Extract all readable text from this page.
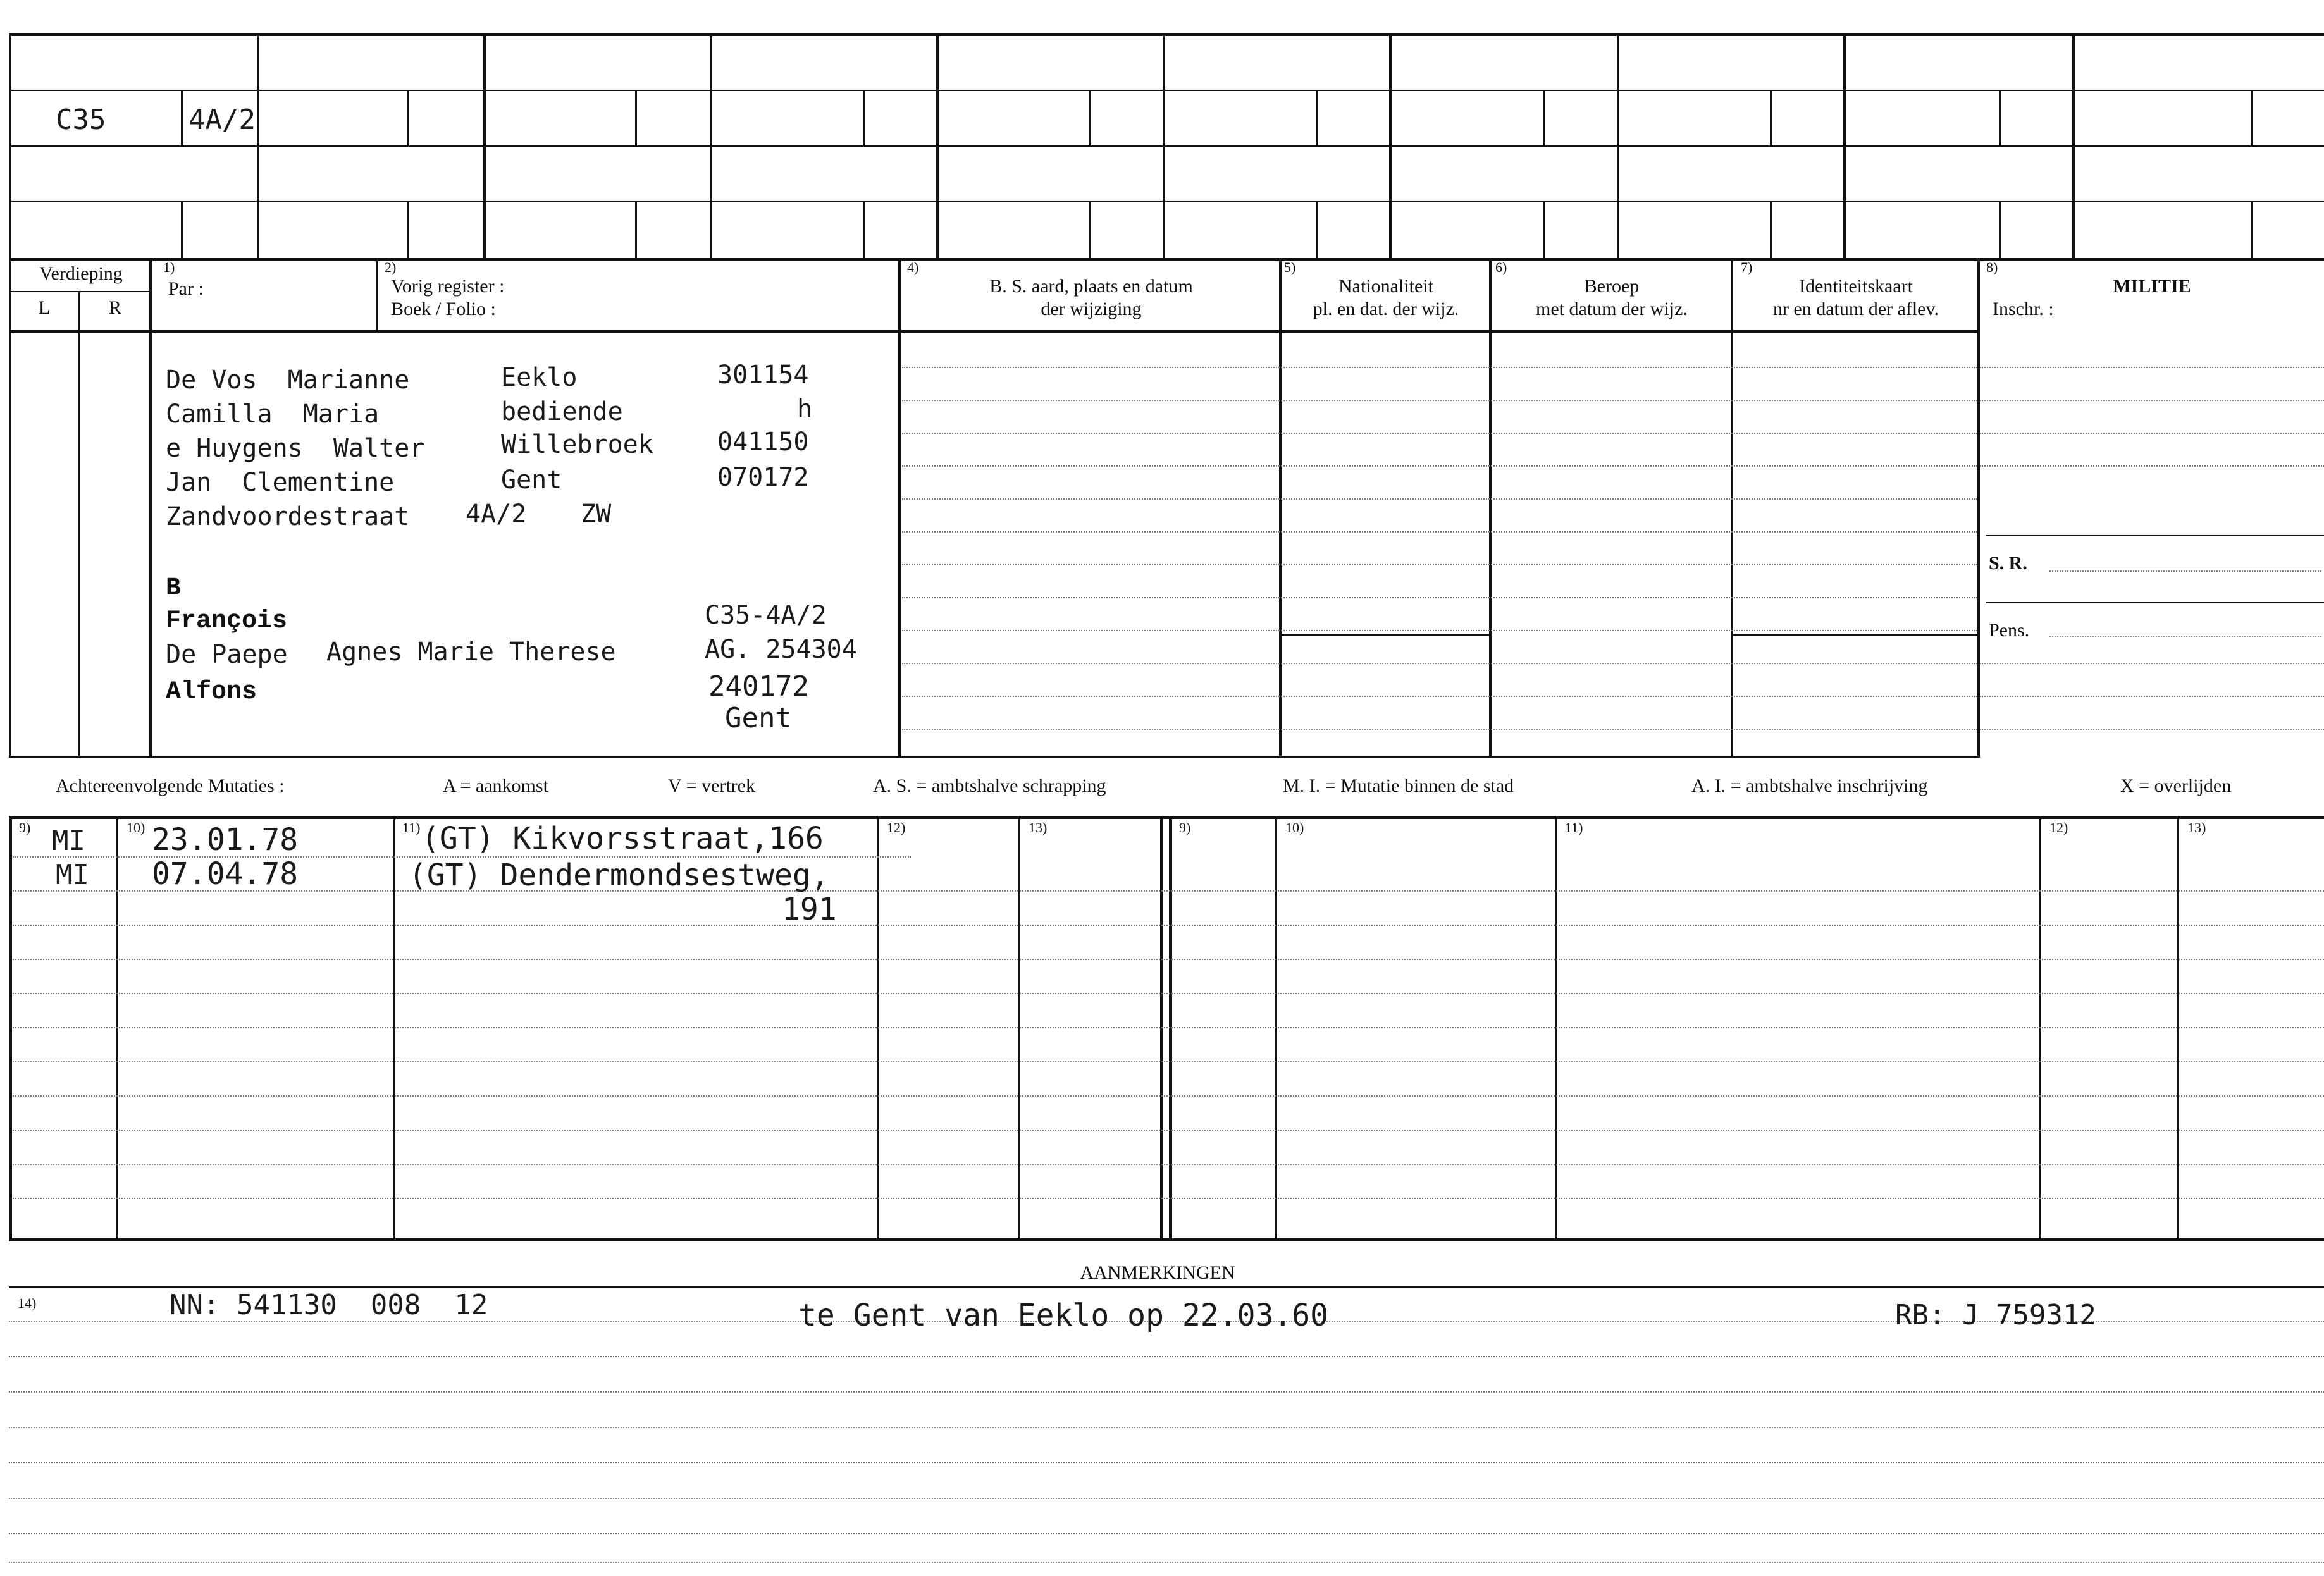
C35	4A/2
Verdieping
L	R
1)
Par :
2)
Vorig register :
Boek / Folio :
4)
B. S. aard, plaats en datum
der wijziging
5)
Nationaliteit
pl. en dat. der wijz.
6)
Beroep
met datum der wijz.
7)
Identiteitskaart
nr en datum der aflev.
8)
MILITIE
Inschr. :
S. R.
Pens.
De Vos  Marianne	Eeklo	301154
Camilla  Maria	bediende	h
e Huygens  Walter	Willebroek	041150
Jan  Clementine	Gent	070172
Zandvoordestraat 4A/2 ZW
B
François	C35-4A/2
De Paepe Agnes Marie Therese	AG. 254304
Alfons	240172
Gent
Achtereenvolgende Mutaties :	A = aankomst	V = vertrek	A. S. = ambtshalve schrapping	M. I. = Mutatie binnen de stad	A. I. = ambtshalve inschrijving	X = overlijden
9)	10)	11)	12)	13)	9)	10)	11)	12)	13)
MI 23.01.78	(GT) Kikvorsstraat,166
MI 07.04.78	(GT) Dendermondsestweg,
191
AANMERKINGEN
14)	NN: 541130  008  12	te Gent van Eeklo op 22.03.60	RB: J 759312
